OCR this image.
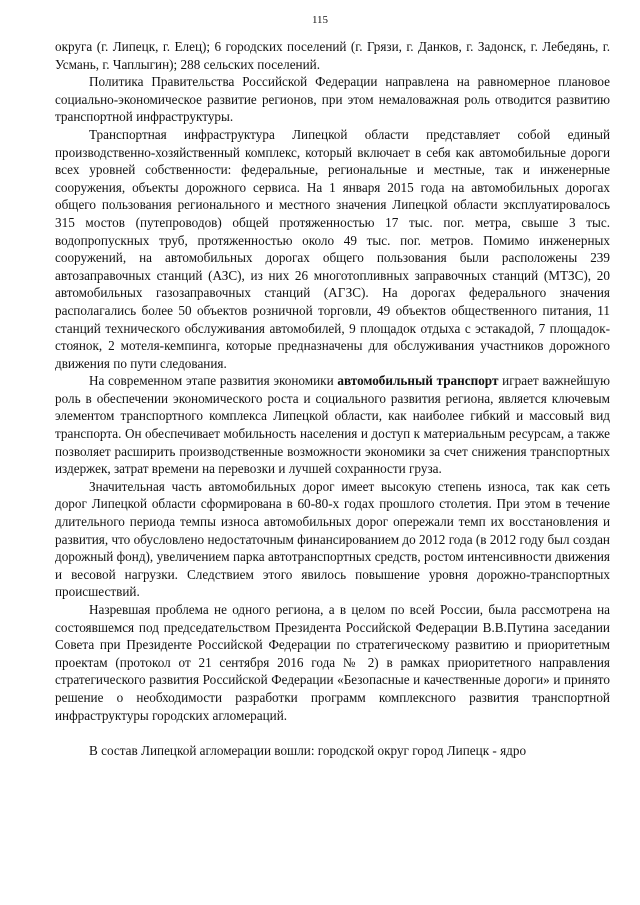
115

округа (г. Липецк, г. Елец); 6 городских поселений (г. Грязи, г. Данков, г. Задонск, г. Лебедянь, г. Усмань, г. Чаплыгин); 288 сельских поселений.

Политика Правительства Российской Федерации направлена на равномерное плановое социально-экономическое развитие регионов, при этом немаловажная роль отводится развитию транспортной инфраструктуры.

Транспортная инфраструктура Липецкой области представляет собой единый производственно-хозяйственный комплекс, который включает в себя как автомобильные дороги всех уровней собственности: федеральные, региональные и местные, так и инженерные сооружения, объекты дорожного сервиса. На 1 января 2015 года на автомобильных дорогах общего пользования регионального и местного значения Липецкой области эксплуатировалось 315 мостов (путепроводов) общей протяженностью 17 тыс. пог. метра, свыше 3 тыс. водопропускных труб, протяженностью около 49 тыс. пог. метров. Помимо инженерных сооружений, на автомобильных дорогах общего пользования были расположены 239 автозаправочных станций (АЗС), из них 26 многотопливных заправочных станций (МТЗС), 20 автомобильных газозаправочных станций (АГЗС). На дорогах федерального значения располагались более 50 объектов розничной торговли, 49 объектов общественного питания, 11 станций технического обслуживания автомобилей, 9 площадок отдыха с эстакадой, 7 площадок-стоянок, 2 мотеля-кемпинга, которые предназначены для обслуживания участников дорожного движения по пути следования.

На современном этапе развития экономики автомобильный транспорт играет важнейшую роль в обеспечении экономического роста и социального развития региона, является ключевым элементом транспортного комплекса Липецкой области, как наиболее гибкий и массовый вид транспорта. Он обеспечивает мобильность населения и доступ к материальным ресурсам, а также позволяет расширить производственные возможности экономики за счет снижения транспортных издержек, затрат времени на перевозки и лучшей сохранности груза.

Значительная часть автомобильных дорог имеет высокую степень износа, так как сеть дорог Липецкой области сформирована в 60-80-х годах прошлого столетия. При этом в течение длительного периода темпы износа автомобильных дорог опережали темп их восстановления и развития, что обусловлено недостаточным финансированием до 2012 года (в 2012 году был создан дорожный фонд), увеличением парка автотранспортных средств, ростом интенсивности движения и весовой нагрузки. Следствием этого явилось повышение уровня дорожно-транспортных происшествий.

Назревшая проблема не одного региона, а в целом по всей России, была рассмотрена на состоявшемся под председательством Президента Российской Федерации В.В.Путина заседании Совета при Президенте Российской Федерации по стратегическому развитию и приоритетным проектам (протокол от 21 сентября 2016 года № 2) в рамках приоритетного направления стратегического развития Российской Федерации «Безопасные и качественные дороги» и принято решение о необходимости разработки программ комплексного развития транспортной инфраструктуры городских агломераций.

В состав Липецкой агломерации вошли: городской округ город Липецк - ядро
